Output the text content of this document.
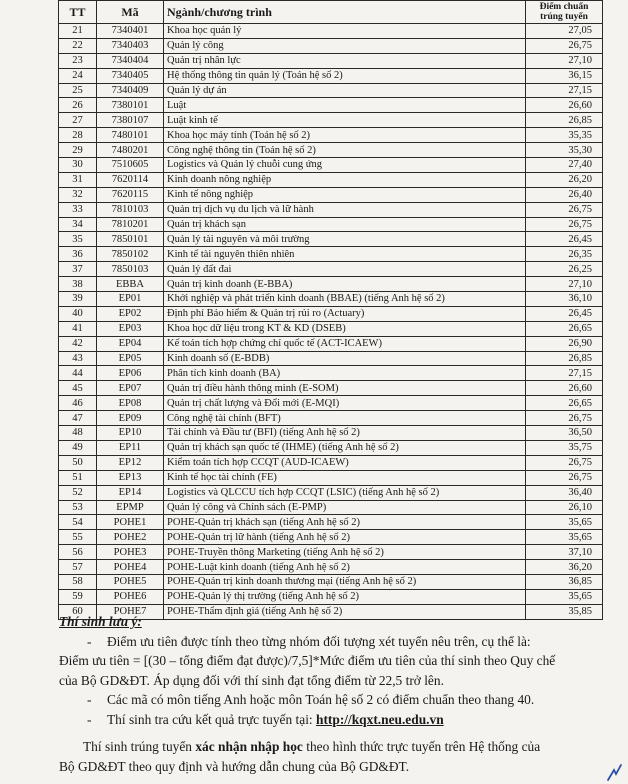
TT	Mã	Ngành/chương trình	Điểm chuẩn
trúng tuyển

21	7340401	Khoa học quản lý	27,05
22	7340403	Quản lý công	26,75
23	7340404	Quản trị nhân lực	27,10
24	7340405	Hệ thống thông tin quản lý (Toán hệ số 2)	36,15
25	7340409	Quản lý dự án	27,15
26	7380101	Luật	26,60
27	7380107	Luật kinh tế	26,85
28	7480101	Khoa học máy tính (Toán hệ số 2)	35,35
29	7480201	Công nghệ thông tin (Toán hệ số 2)	35,30
30	7510605	Logistics và Quản lý chuỗi cung ứng	27,40
31	7620114	Kinh doanh nông nghiệp	26,20
32	7620115	Kinh tế nông nghiệp	26,40
33	7810103	Quản trị dịch vụ du lịch và lữ hành	26,75
34	7810201	Quản trị khách sạn	26,75
35	7850101	Quản lý tài nguyên và môi trường	26,45
36	7850102	Kinh tế tài nguyên thiên nhiên	26,35
37	7850103	Quản lý đất đai	26,25
38	EBBA	Quản trị kinh doanh (E-BBA)	27,10
39	EP01	Khởi nghiệp và phát triển kinh doanh (BBAE) (tiếng Anh hệ số 2)	36,10
40	EP02	Định phí Bảo hiểm & Quản trị rủi ro (Actuary)	26,45
41	EP03	Khoa học dữ liệu trong KT & KD (DSEB)	26,65
42	EP04	Kế toán tích hợp chứng chỉ quốc tế (ACT-ICAEW)	26,90
43	EP05	Kinh doanh số (E-BDB)	26,85
44	EP06	Phân tích kinh doanh (BA)	27,15
45	EP07	Quản trị điều hành thông minh (E-SOM)	26,60
46	EP08	Quản trị chất lượng và Đổi mới (E-MQI)	26,65
47	EP09	Công nghệ tài chính (BFT)	26,75
48	EP10	Tài chính và Đầu tư (BFI) (tiếng Anh hệ số 2)	36,50
49	EP11	Quản trị khách sạn quốc tế (IHME) (tiếng Anh hệ số 2)	35,75
50	EP12	Kiểm toán tích hợp CCQT (AUD-ICAEW)	26,75
51	EP13	Kinh tế học tài chính (FE)	26,75
52	EP14	Logistics và QLCCU tích hợp CCQT (LSIC) (tiếng Anh hệ số 2)	36,40
53	EPMP	Quản lý công và Chính sách (E-PMP)	26,10
54	POHE1	POHE-Quản trị khách sạn (tiếng Anh hệ số 2)	35,65
55	POHE2	POHE-Quản trị lữ hành (tiếng Anh hệ số 2)	35,65
56	POHE3	POHE-Truyền thông Marketing (tiếng Anh hệ số 2)	37,10
57	POHE4	POHE-Luật kinh doanh (tiếng Anh hệ số 2)	36,20
58	POHE5	POHE-Quản trị kinh doanh thương mại (tiếng Anh hệ số 2)	36,85
59	POHE6	POHE-Quản lý thị trường (tiếng Anh hệ số 2)	35,65
60	POHE7	POHE-Thẩm định giá (tiếng Anh hệ số 2)	35,85

Thí sinh lưu ý:

- Điểm ưu tiên được tính theo từng nhóm đối tượng xét tuyển nêu trên, cụ thể là:

Điểm ưu tiên = [(30 – tổng điểm đạt được)/7,5]*Mức điểm ưu tiên của thí sinh theo Quy chế

của Bộ GD&ĐT. Áp dụng đối với thí sinh đạt tổng điểm từ 22,5 trở lên.

- Các mã có môn tiếng Anh hoặc môn Toán hệ số 2 có điểm chuẩn theo thang 40.

- Thí sinh tra cứu kết quả trực tuyến tại: http://kqxt.neu.edu.vn

Thí sinh trúng tuyển xác nhận nhập học theo hình thức trực tuyến trên Hệ thống của

Bộ GD&ĐT theo quy định và hướng dẫn chung của Bộ GD&ĐT.
